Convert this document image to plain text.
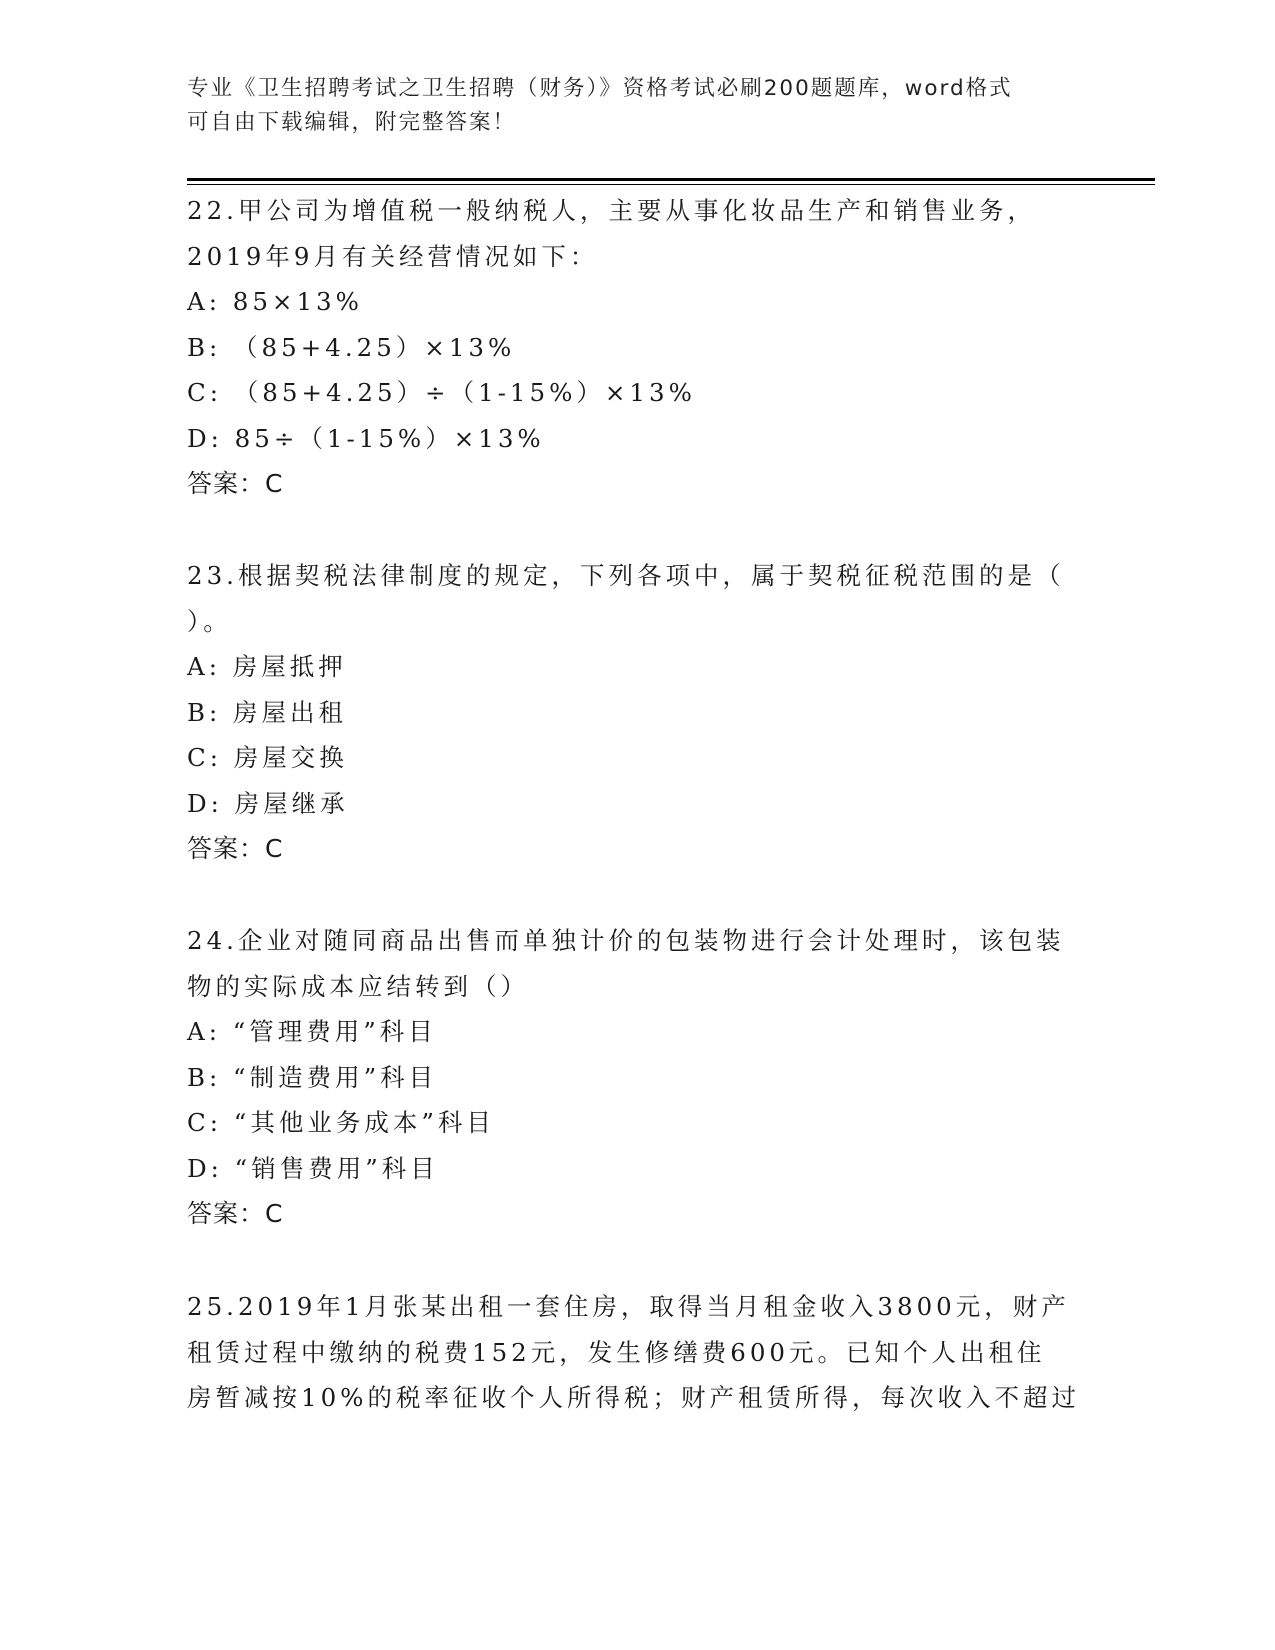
专业《卫生招聘考试之卫生招聘（财务）》资格考试必刷200题题库，word格式
可自由下载编辑，附完整答案！
22.甲公司为增值税一般纳税人，主要从事化妆品生产和销售业务，
2019年9月有关经营情况如下：
A: 85×13%
B: （85+4.25）×13%
C: （85+4.25）÷（1-15%）×13%
D: 85÷（1-15%）×13%
答案：C
23.根据契税法律制度的规定，下列各项中，属于契税征税范围的是（
）。
A: 房屋抵押
B: 房屋出租
C: 房屋交换
D: 房屋继承
答案：C
24.企业对随同商品出售而单独计价的包装物进行会计处理时，该包装
物的实际成本应结转到（）
A: “管理费用”科目
B: “制造费用”科目
C: “其他业务成本”科目
D: “销售费用”科目
答案：C
25.2019年1月张某出租一套住房，取得当月租金收入3800元，财产
租赁过程中缴纳的税费152元，发生修缮费600元。已知个人出租住
房暂减按10%的税率征收个人所得税；财产租赁所得，每次收入不超过
